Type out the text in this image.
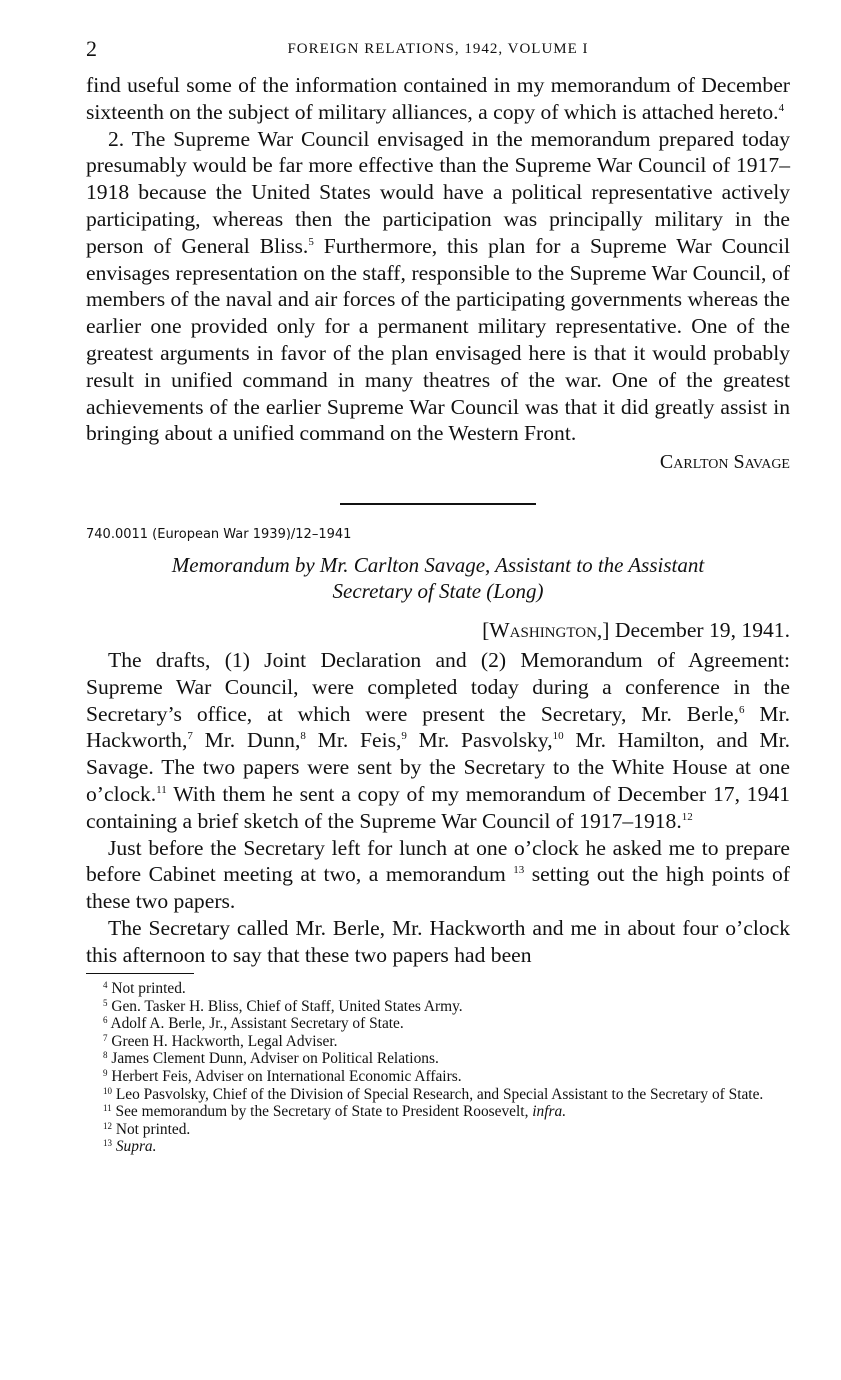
2	FOREIGN RELATIONS, 1942, VOLUME I

find useful some of the information contained in my memorandum of December sixteenth on the subject of military alliances, a copy of which is attached hereto.$^4$

2. The Supreme War Council envisaged in the memorandum prepared today presumably would be far more effective than the Supreme War Council of 1917–1918 because the United States would have a political representative actively participating, whereas then the participation was principally military in the person of General Bliss.$^5$ Furthermore, this plan for a Supreme War Council envisages representation on the staff, responsible to the Supreme War Council, of members of the naval and air forces of the participating governments whereas the earlier one provided only for a permanent military representative. One of the greatest arguments in favor of the plan envisaged here is that it would probably result in unified command in many theatres of the war. One of the greatest achievements of the earlier Supreme War Council was that it did greatly assist in bringing about a unified command on the Western Front.

Carlton Savage
740.0011 (European War 1939)/12–1941
Memorandum by Mr. Carlton Savage, Assistant to the Assistant
Secretary of State (Long)
[Washington,] December 19, 1941.

The drafts, (1) Joint Declaration and (2) Memorandum of Agreement: Supreme War Council, were completed today during a conference in the Secretary’s office, at which were present the Secretary, Mr. Berle,$^6$ Mr. Hackworth,$^7$ Mr. Dunn,$^8$ Mr. Feis,$^9$ Mr. Pasvolsky,$^{10}$ Mr. Hamilton, and Mr. Savage. The two papers were sent by the Secretary to the White House at one o’clock.$^{11}$ With them he sent a copy of my memorandum of December 17, 1941 containing a brief sketch of the Supreme War Council of 1917–1918.12

Just before the Secretary left for lunch at one o’clock he asked me to prepare before Cabinet meeting at two, a memorandum $^{13}$ setting out the high points of these two papers.

The Secretary called Mr. Berle, Mr. Hackworth and me in about four o’clock this afternoon to say that these two papers had been

$^4$ Not printed.

$^5$ Gen. Tasker H. Bliss, Chief of Staff, United States Army.

$^6$ Adolf A. Berle, Jr., Assistant Secretary of State.

$^7$ Green H. Hackworth, Legal Adviser.

$^8$ James Clement Dunn, Adviser on Political Relations.

$^9$ Herbert Feis, Adviser on International Economic Affairs.

$^{10}$ Leo Pasvolsky, Chief of the Division of Special Research, and Special Assistant to the Secretary of State.

$^{11}$ See memorandum by the Secretary of State to President Roosevelt, infra.

$^{12}$ Not printed.

$^{13}$ Supra.
